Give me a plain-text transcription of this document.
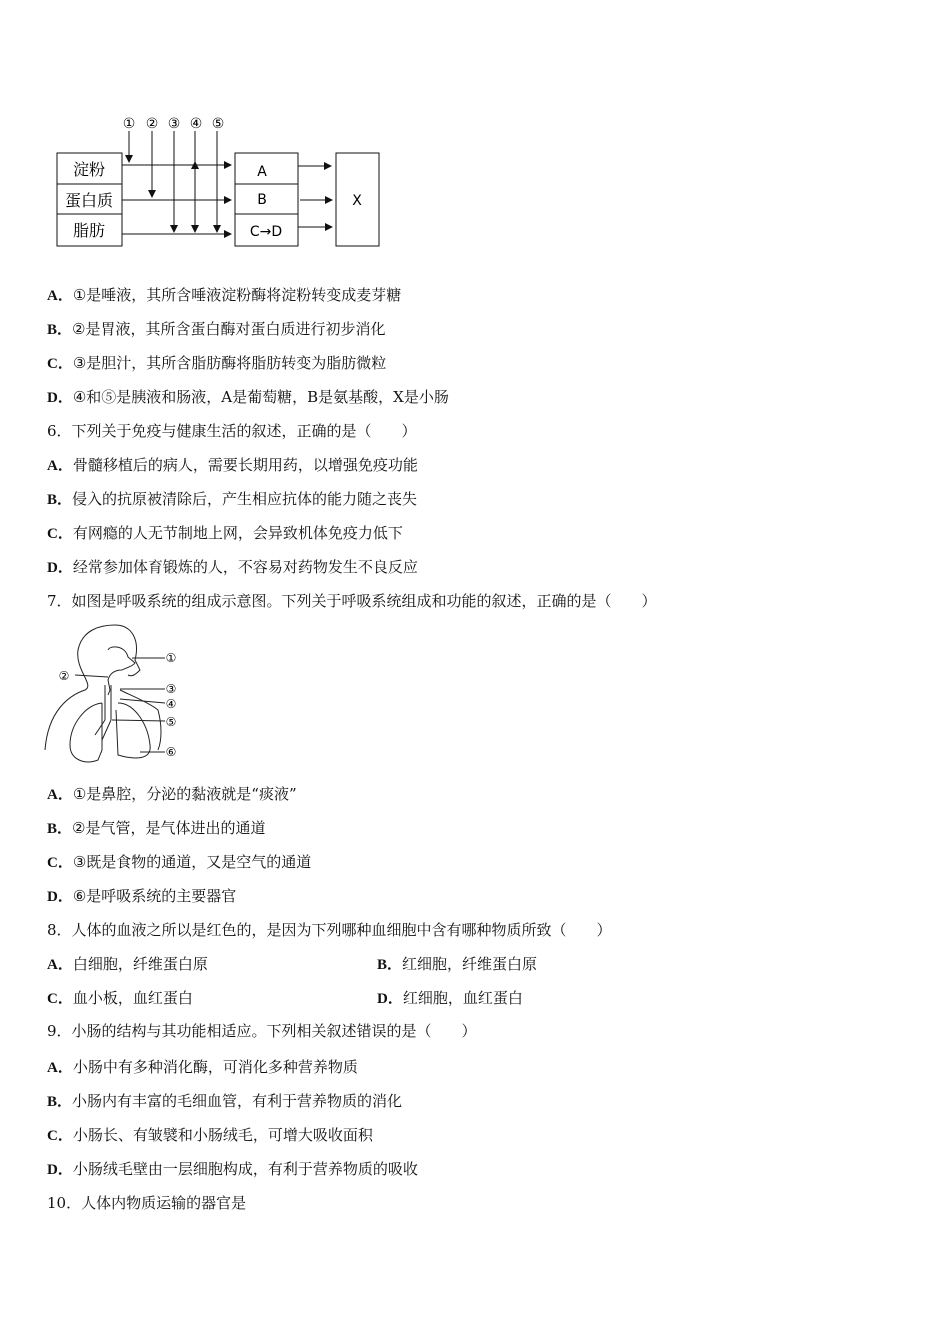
① ② ③ ④ ⑤
淀粉
蛋白质
脂肪
A
B
C→D
X
A．①是唾液，其所含唾液淀粉酶将淀粉转变成麦芽糖
B．②是胃液，其所含蛋白酶对蛋白质进行初步消化
C．③是胆汁，其所含脂肪酶将脂肪转变为脂肪微粒
D．④和⑤是胰液和肠液，A是葡萄糖，B是氨基酸，X是小肠
6．下列关于免疫与健康生活的叙述，正确的是（　　）
A．骨髓移植后的病人，需要长期用药，以增强免疫功能
B．侵入的抗原被清除后，产生相应抗体的能力随之丧失
C．有网瘾的人无节制地上网，会异致机体免疫力低下
D．经常参加体育锻炼的人，不容易对药物发生不良反应
7．如图是呼吸系统的组成示意图。下列关于呼吸系统组成和功能的叙述，正确的是（　　）
①
②
③
④
⑤
⑥
A．①是鼻腔，分泌的黏液就是“痰液”
B．②是气管，是气体进出的通道
C．③既是食物的通道，又是空气的通道
D．⑥是呼吸系统的主要器官
8．人体的血液之所以是红色的，是因为下列哪种血细胞中含有哪种物质所致（　　）
A．白细胞，纤维蛋白原	B．红细胞，纤维蛋白原
C．血小板，血红蛋白	D．红细胞，血红蛋白
9．小肠的结构与其功能相适应。下列相关叙述错误的是（　　）
A．小肠中有多种消化酶，可消化多种营养物质
B．小肠内有丰富的毛细血管，有利于营养物质的消化
C．小肠长、有皱襞和小肠绒毛，可增大吸收面积
D．小肠绒毛壁由一层细胞构成，有利于营养物质的吸收
10．人体内物质运输的器官是
